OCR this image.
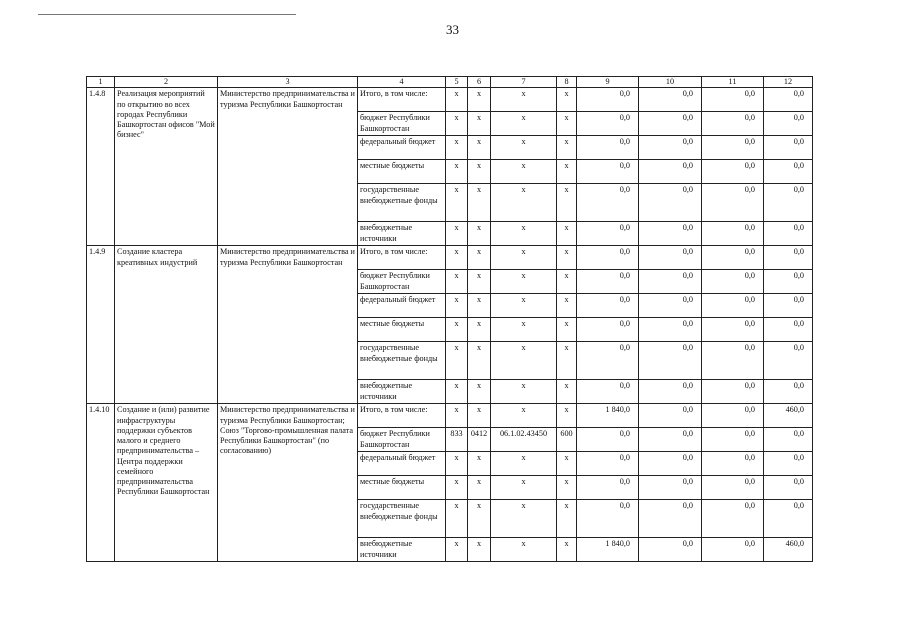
33
1	2	3	4	5	6	7	8	9	10	11	12
1.4.8	Реализация мероприятий по открытию во всех городах Республики Башкортостан офисов "Мой бизнес"	Министерство предпринимательства и туризма Республики Башкортостан	Итого, в том числе:	x	x	x	x	0,0	0,0	0,0	0,0
			бюджет Республики Башкортостан	x	x	x	x	0,0	0,0	0,0	0,0
			федеральный бюджет	x	x	x	x	0,0	0,0	0,0	0,0
			местные бюджеты	x	x	x	x	0,0	0,0	0,0	0,0
			государственные внебюджетные фонды	x	x	x	x	0,0	0,0	0,0	0,0
			внебюджетные источники	x	x	x	x	0,0	0,0	0,0	0,0
1.4.9	Создание кластера креативных индустрий	Министерство предпринимательства и туризма Республики Башкортостан	Итого, в том числе:	x	x	x	x	0,0	0,0	0,0	0,0
			бюджет Республики Башкортостан	x	x	x	x	0,0	0,0	0,0	0,0
			федеральный бюджет	x	x	x	x	0,0	0,0	0,0	0,0
			местные бюджеты	x	x	x	x	0,0	0,0	0,0	0,0
			государственные внебюджетные фонды	x	x	x	x	0,0	0,0	0,0	0,0
			внебюджетные источники	x	x	x	x	0,0	0,0	0,0	0,0
1.4.10	Создание и (или) развитие инфраструктуры поддержки субъектов малого и среднего предпринимательства – Центра поддержки семейного предпринимательства Республики Башкортостан	Министерство предпринимательства и туризма Республики Башкортостан; Союз "Торгово-промышленная палата Республики Башкортостан" (по согласованию)	Итого, в том числе:	x	x	x	x	1 840,0	0,0	0,0	460,0
			бюджет Республики Башкортостан	833	0412	06.1.02.43450	600	0,0	0,0	0,0	0,0
			федеральный бюджет	x	x	x	x	0,0	0,0	0,0	0,0
			местные бюджеты	x	x	x	x	0,0	0,0	0,0	0,0
			государственные внебюджетные фонды	x	x	x	x	0,0	0,0	0,0	0,0
			внебюджетные источники	x	x	x	x	1 840,0	0,0	0,0	460,0
